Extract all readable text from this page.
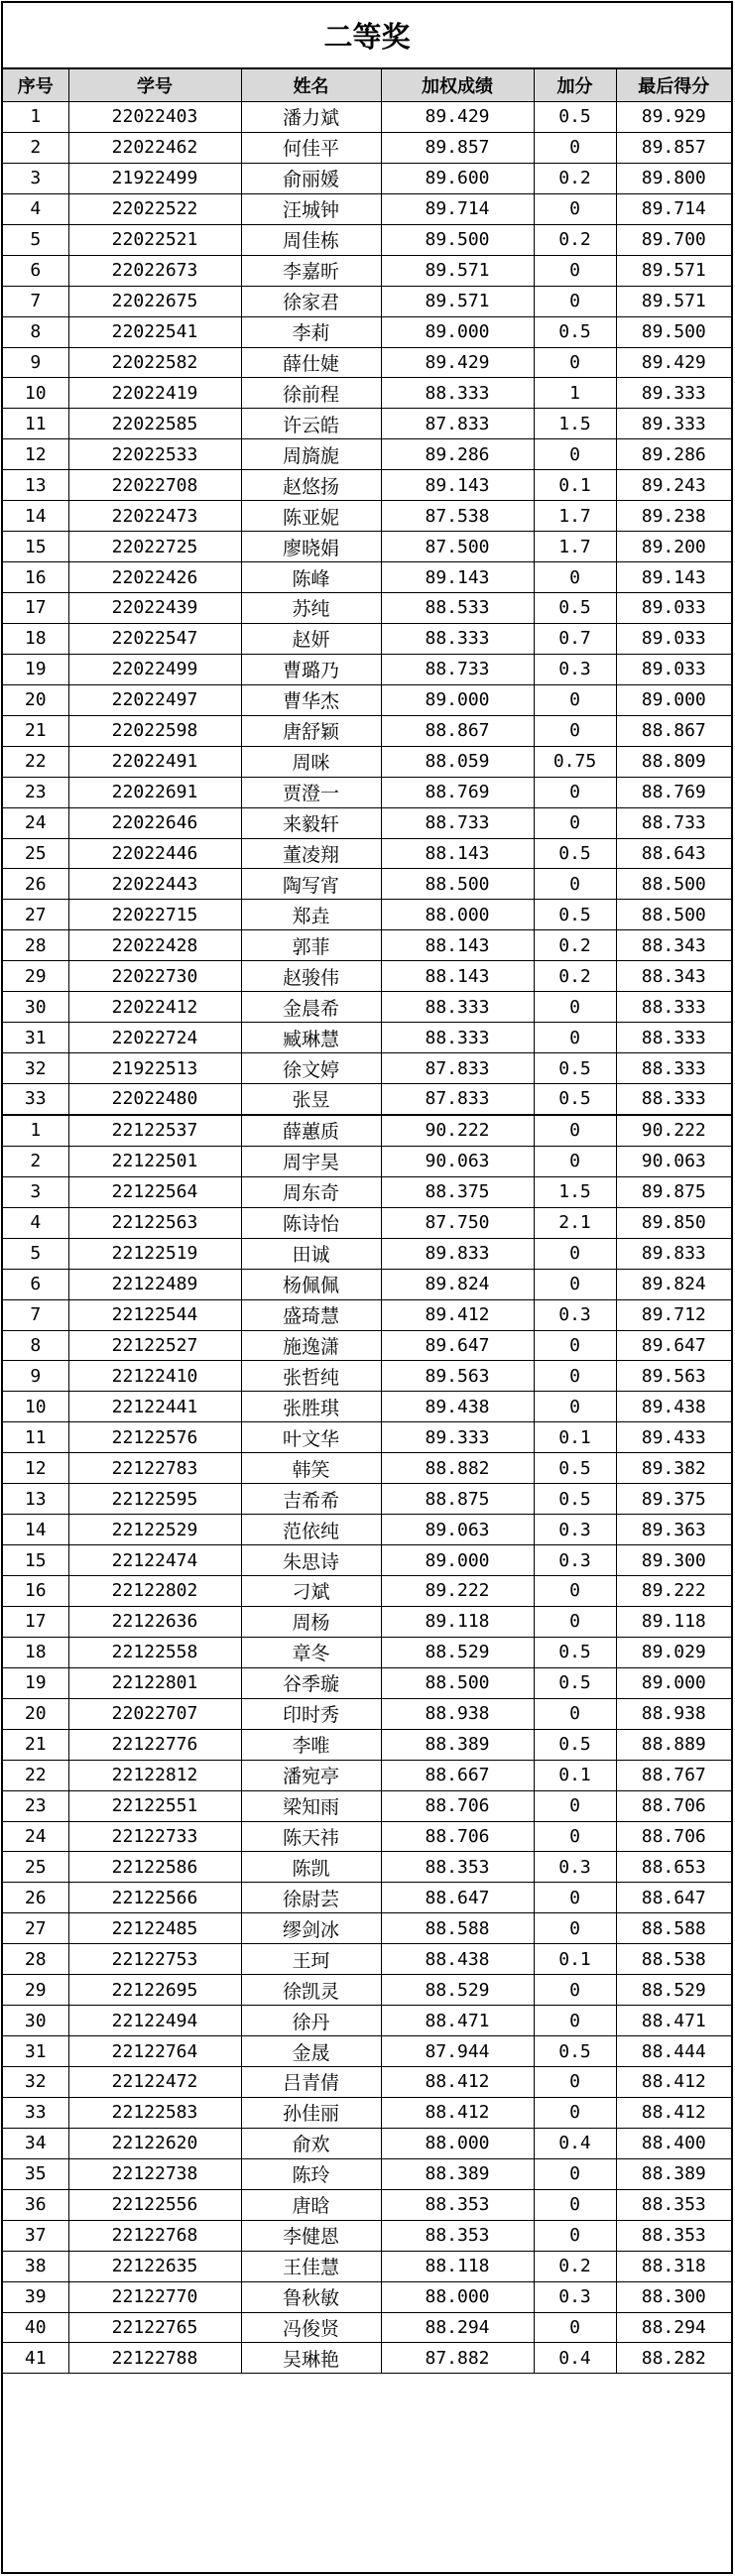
二等奖
序号	学号	姓名	加权成绩	加分	最后得分
1	22022403	潘力斌	89.429	0.5	89.929
2	22022462	何佳平	89.857	0	89.857
3	21922499	俞丽媛	89.600	0.2	89.800
4	22022522	汪城钟	89.714	0	89.714
5	22022521	周佳栋	89.500	0.2	89.700
6	22022673	李嘉昕	89.571	0	89.571
7	22022675	徐家君	89.571	0	89.571
8	22022541	李莉	89.000	0.5	89.500
9	22022582	薛仕婕	89.429	0	89.429
10	22022419	徐前程	88.333	1	89.333
11	22022585	许云皓	87.833	1.5	89.333
12	22022533	周旖旎	89.286	0	89.286
13	22022708	赵悠扬	89.143	0.1	89.243
14	22022473	陈亚妮	87.538	1.7	89.238
15	22022725	廖晓娟	87.500	1.7	89.200
16	22022426	陈峰	89.143	0	89.143
17	22022439	苏纯	88.533	0.5	89.033
18	22022547	赵妍	88.333	0.7	89.033
19	22022499	曹璐乃	88.733	0.3	89.033
20	22022497	曹华杰	89.000	0	89.000
21	22022598	唐舒颖	88.867	0	88.867
22	22022491	周咪	88.059	0.75	88.809
23	22022691	贾澄一	88.769	0	88.769
24	22022646	来毅轩	88.733	0	88.733
25	22022446	董凌翔	88.143	0.5	88.643
26	22022443	陶写宵	88.500	0	88.500
27	22022715	郑垚	88.000	0.5	88.500
28	22022428	郭菲	88.143	0.2	88.343
29	22022730	赵骏伟	88.143	0.2	88.343
30	22022412	金晨希	88.333	0	88.333
31	22022724	臧琳慧	88.333	0	88.333
32	21922513	徐文婷	87.833	0.5	88.333
33	22022480	张昱	87.833	0.5	88.333
1	22122537	薛蕙质	90.222	0	90.222
2	22122501	周宇昊	90.063	0	90.063
3	22122564	周东奇	88.375	1.5	89.875
4	22122563	陈诗怡	87.750	2.1	89.850
5	22122519	田诚	89.833	0	89.833
6	22122489	杨佩佩	89.824	0	89.824
7	22122544	盛琦慧	89.412	0.3	89.712
8	22122527	施逸潇	89.647	0	89.647
9	22122410	张哲纯	89.563	0	89.563
10	22122441	张胜琪	89.438	0	89.438
11	22122576	叶文华	89.333	0.1	89.433
12	22122783	韩笑	88.882	0.5	89.382
13	22122595	吉希希	88.875	0.5	89.375
14	22122529	范依纯	89.063	0.3	89.363
15	22122474	朱思诗	89.000	0.3	89.300
16	22122802	刁斌	89.222	0	89.222
17	22122636	周杨	89.118	0	89.118
18	22122558	章冬	88.529	0.5	89.029
19	22122801	谷季璇	88.500	0.5	89.000
20	22022707	印时秀	88.938	0	88.938
21	22122776	李唯	88.389	0.5	88.889
22	22122812	潘宛亭	88.667	0.1	88.767
23	22122551	梁知雨	88.706	0	88.706
24	22122733	陈天祎	88.706	0	88.706
25	22122586	陈凯	88.353	0.3	88.653
26	22122566	徐尉芸	88.647	0	88.647
27	22122485	缪剑冰	88.588	0	88.588
28	22122753	王珂	88.438	0.1	88.538
29	22122695	徐凯灵	88.529	0	88.529
30	22122494	徐丹	88.471	0	88.471
31	22122764	金晟	87.944	0.5	88.444
32	22122472	吕青倩	88.412	0	88.412
33	22122583	孙佳丽	88.412	0	88.412
34	22122620	俞欢	88.000	0.4	88.400
35	22122738	陈玲	88.389	0	88.389
36	22122556	唐晗	88.353	0	88.353
37	22122768	李健恩	88.353	0	88.353
38	22122635	王佳慧	88.118	0.2	88.318
39	22122770	鲁秋敏	88.000	0.3	88.300
40	22122765	冯俊贤	88.294	0	88.294
41	22122788	吴琳艳	87.882	0.4	88.282
